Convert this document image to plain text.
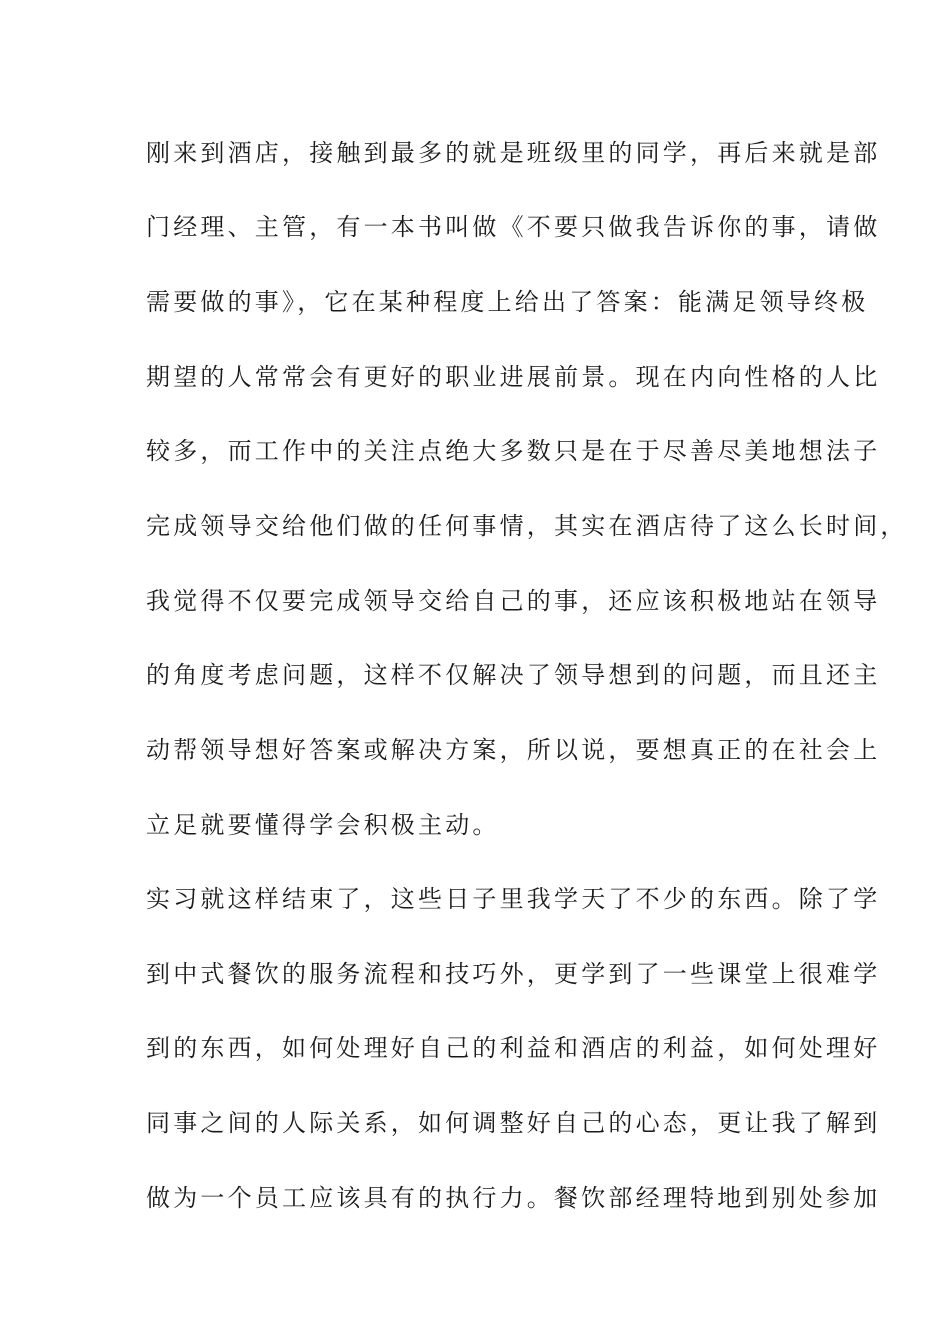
刚来到酒店，接触到最多的就是班级里的同学，再后来就是部
门经理、主管，有一本书叫做《不要只做我告诉你的事，请做
需要做的事》，它在某种程度上给出了答案：能满足领导终极
期望的人常常会有更好的职业进展前景。现在内向性格的人比
较多，而工作中的关注点绝大多数只是在于尽善尽美地想法子
完成领导交给他们做的任何事情，其实在酒店待了这么长时间，
我觉得不仅要完成领导交给自己的事，还应该积极地站在领导
的角度考虑问题，这样不仅解决了领导想到的问题，而且还主
动帮领导想好答案或解决方案，所以说，要想真正的在社会上
立足就要懂得学会积极主动。
实习就这样结束了，这些日子里我学天了不少的东西。除了学
到中式餐饮的服务流程和技巧外，更学到了一些课堂上很难学
到的东西，如何处理好自己的利益和酒店的利益，如何处理好
同事之间的人际关系，如何调整好自己的心态，更让我了解到
做为一个员工应该具有的执行力。餐饮部经理特地到别处参加
